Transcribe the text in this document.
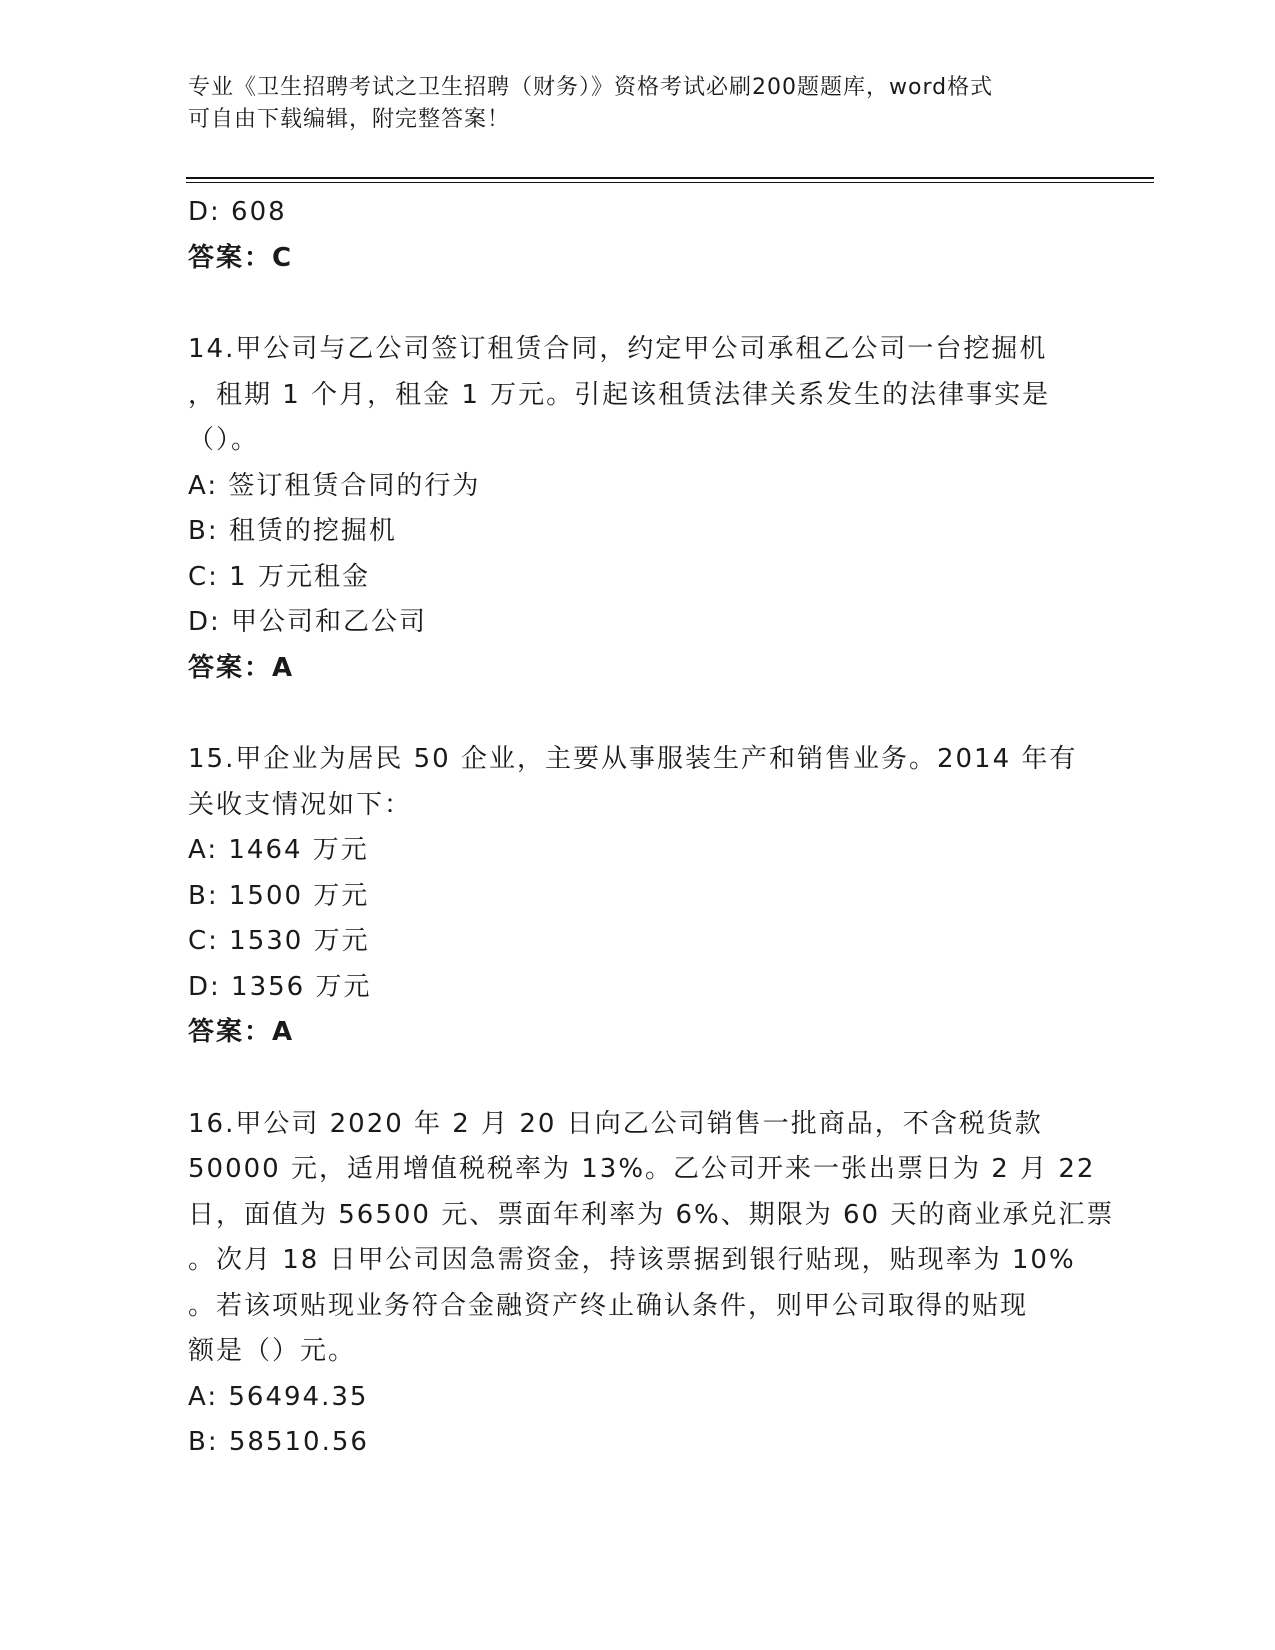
专业《卫生招聘考试之卫生招聘（财务）》资格考试必刷200题题库，word格式
可自由下载编辑，附完整答案！
D: 608
答案：C
14.甲公司与乙公司签订租赁合同，约定甲公司承租乙公司一台挖掘机
，租期 1 个月，租金 1 万元。引起该租赁法律关系发生的法律事实是
（）。
A: 签订租赁合同的行为
B: 租赁的挖掘机
C: 1 万元租金
D: 甲公司和乙公司
答案：A
15.甲企业为居民 50 企业，主要从事服装生产和销售业务。2014 年有
关收支情况如下：
A: 1464 万元
B: 1500 万元
C: 1530 万元
D: 1356 万元
答案：A
16.甲公司 2020 年 2 月 20 日向乙公司销售一批商品，不含税货款
50000 元，适用增值税税率为 13%。乙公司开来一张出票日为 2 月 22
日，面值为 56500 元、票面年利率为 6%、期限为 60 天的商业承兑汇票
。次月 18 日甲公司因急需资金，持该票据到银行贴现，贴现率为 10%
。若该项贴现业务符合金融资产终止确认条件，则甲公司取得的贴现
额是（）元。
A: 56494.35
B: 58510.56
